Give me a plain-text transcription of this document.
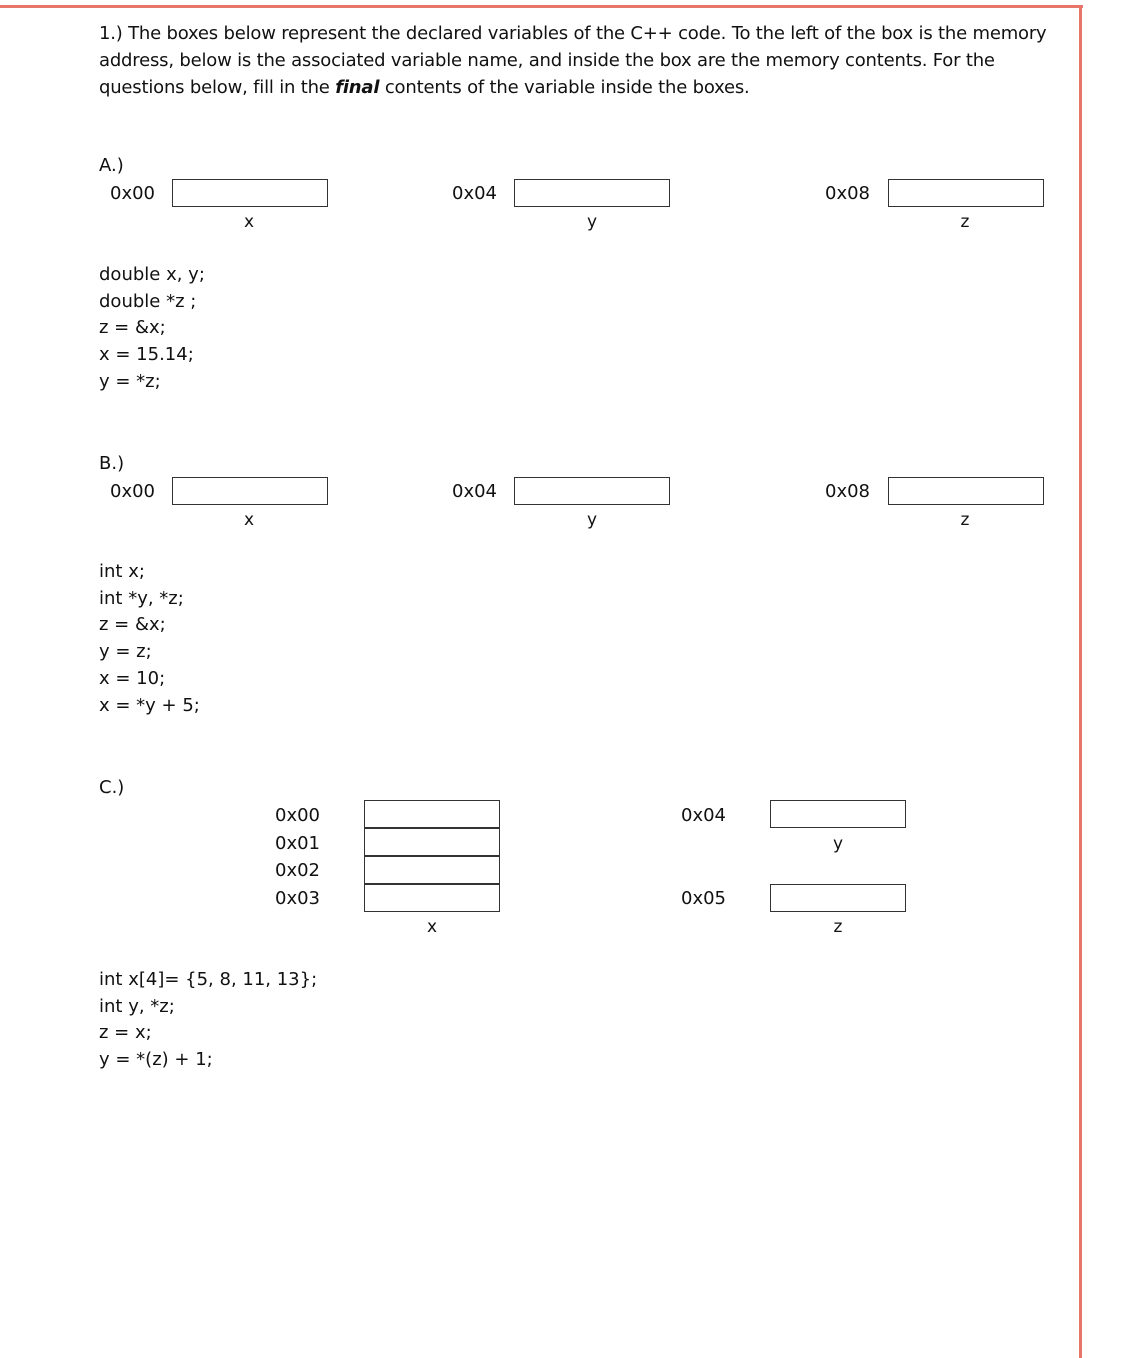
1.) The boxes below represent the declared variables of the C++ code. To the left of the box is the memory address, below is the associated variable name, and inside the box are the memory contents. For the questions below, fill in the final contents of the variable inside the boxes.
A.)
0x00
x
0x04
y
0x08
z
double x, y;
double *z ;
z = &x;
x = 15.14;
y = *z;
B.)
0x00
x
0x04
y
0x08
z
int x;
int *y, *z;
z = &x;
y = z;
x = 10;
x = *y + 5;
C.)
0x00
0x01
0x02
0x03
x
0x04
y
0x05
z
int x[4]= {5, 8, 11, 13};
int y, *z;
z = x;
y = *(z) + 1;
